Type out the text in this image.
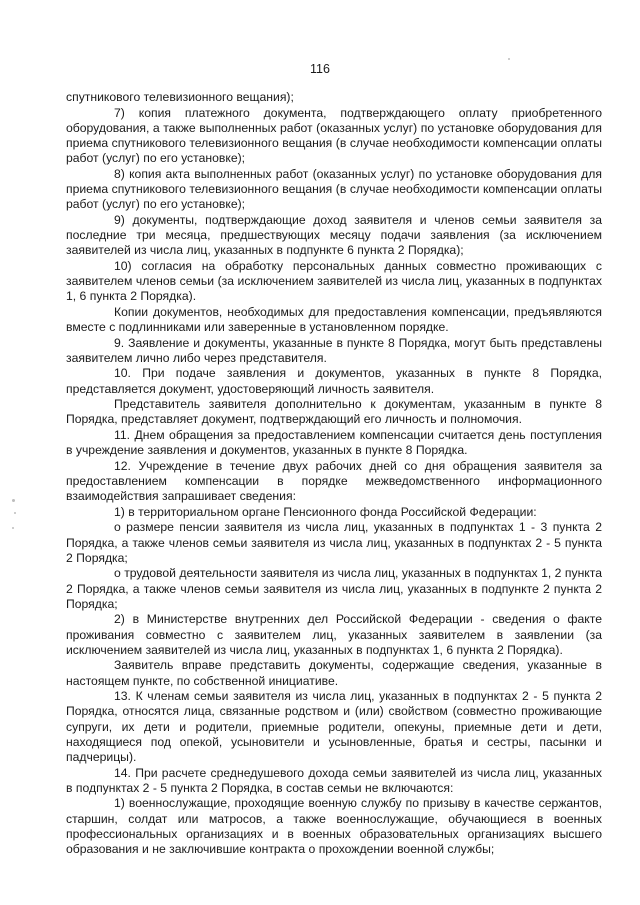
116

спутникового телевизионного вещания);

7) копия платежного документа, подтверждающего оплату приобретенного оборудования, а также выполненных работ (оказанных услуг) по установке оборудования для приема спутникового телевизионного вещания (в случае необходимости компенсации оплаты работ (услуг) по его установке);

8) копия акта выполненных работ (оказанных услуг) по установке оборудования для приема спутникового телевизионного вещания (в случае необходимости компенсации оплаты работ (услуг) по его установке);

9) документы, подтверждающие доход заявителя и членов семьи заявителя за последние три месяца, предшествующих месяцу подачи заявления (за исключением заявителей из числа лиц, указанных в подпункте 6 пункта 2 Порядка);

10) согласия на обработку персональных данных совместно проживающих с заявителем членов семьи (за исключением заявителей из числа лиц, указанных в подпунктах 1, 6 пункта 2 Порядка).

Копии документов, необходимых для предоставления компенсации, предъявляются вместе с подлинниками или заверенные в установленном порядке.

9. Заявление и документы, указанные в пункте 8 Порядка, могут быть представлены заявителем лично либо через представителя.

10. При подаче заявления и документов, указанных в пункте 8 Порядка, представляется документ, удостоверяющий личность заявителя.

Представитель заявителя дополнительно к документам, указанным в пункте 8 Порядка, представляет документ, подтверждающий его личность и полномочия.

11. Днем обращения за предоставлением компенсации считается день поступления в учреждение заявления и документов, указанных в пункте 8 Порядка.

12. Учреждение в течение двух рабочих дней со дня обращения заявителя за предоставлением компенсации в порядке межведомственного информационного взаимодействия запрашивает сведения:

1) в территориальном органе Пенсионного фонда Российской Федерации:

о размере пенсии заявителя из числа лиц, указанных в подпунктах 1 - 3 пункта 2 Порядка, а также членов семьи заявителя из числа лиц, указанных в подпунктах 2 - 5 пункта 2 Порядка;

о трудовой деятельности заявителя из числа лиц, указанных в подпунктах 1, 2 пункта 2 Порядка, а также членов семьи заявителя из числа лиц, указанных в подпункте 2 пункта 2 Порядка;

2) в Министерстве внутренних дел Российской Федерации - сведения о факте проживания совместно с заявителем лиц, указанных заявителем в заявлении (за исключением заявителей из числа лиц, указанных в подпунктах 1, 6 пункта 2 Порядка).

Заявитель вправе представить документы, содержащие сведения, указанные в настоящем пункте, по собственной инициативе.

13. К членам семьи заявителя из числа лиц, указанных в подпунктах 2 - 5 пункта 2 Порядка, относятся лица, связанные родством и (или) свойством (совместно проживающие супруги, их дети и родители, приемные родители, опекуны, приемные дети и дети, находящиеся под опекой, усыновители и усыновленные, братья и сестры, пасынки и падчерицы).

14. При расчете среднедушевого дохода семьи заявителей из числа лиц, указанных в подпунктах 2 - 5 пункта 2 Порядка, в состав семьи не включаются:

1) военнослужащие, проходящие военную службу по призыву в качестве сержантов, старшин, солдат или матросов, а также военнослужащие, обучающиеся в военных профессиональных организациях и в военных образовательных организациях высшего образования и не заключившие контракта о прохождении военной службы;
